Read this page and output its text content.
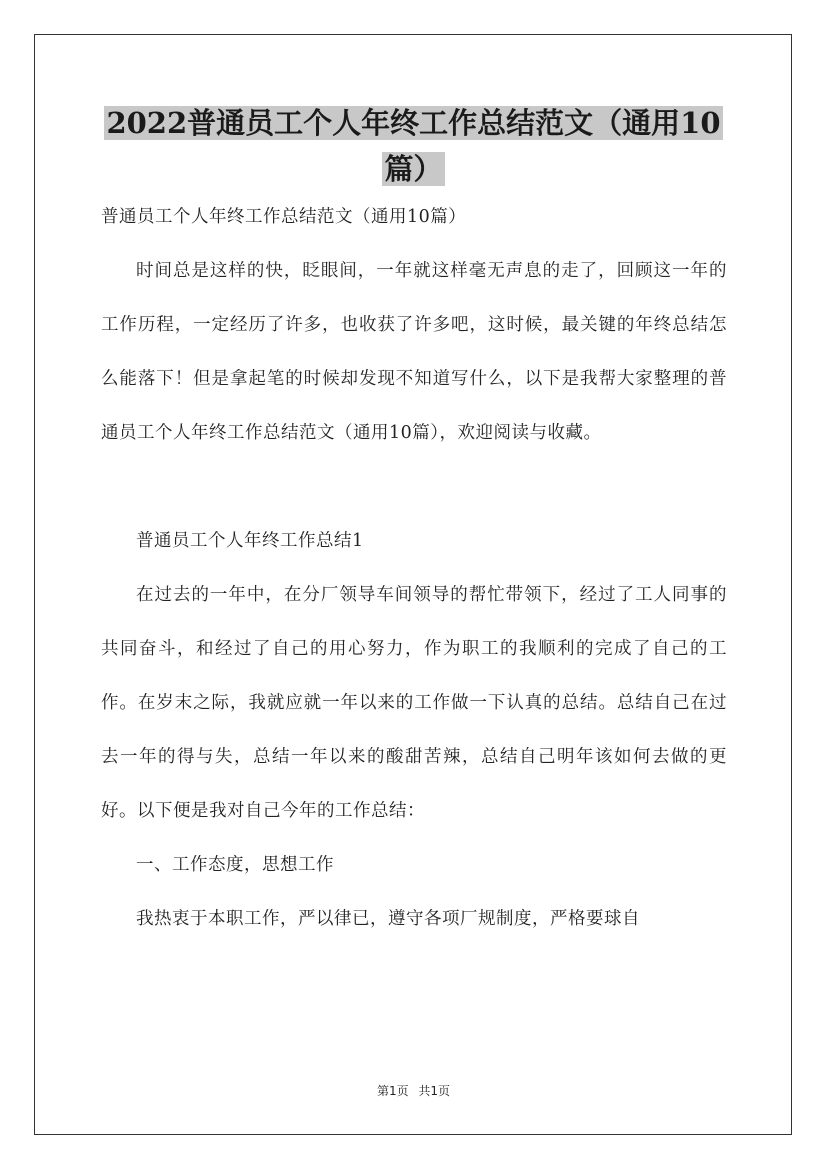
2022普通员工个人年终工作总结范文（通用10
篇）

普通员工个人年终工作总结范文（通用10篇）

时间总是这样的快，眨眼间，一年就这样毫无声息的走了，回顾这一年的工作历程，一定经历了许多，也收获了许多吧，这时候，最关键的年终总结怎么能落下！但是拿起笔的时候却发现不知道写什么，以下是我帮大家整理的普通员工个人年终工作总结范文（通用10篇），欢迎阅读与收藏。

普通员工个人年终工作总结1

在过去的一年中，在分厂领导车间领导的帮忙带领下，经过了工人同事的共同奋斗，和经过了自己的用心努力，作为职工的我顺利的完成了自己的工作。在岁末之际，我就应就一年以来的工作做一下认真的总结。总结自己在过去一年的得与失，总结一年以来的酸甜苦辣，总结自己明年该如何去做的更好。以下便是我对自己今年的工作总结：

一、工作态度，思想工作

我热衷于本职工作，严以律已，遵守各项厂规制度，严格要球自

第1页 共1页
